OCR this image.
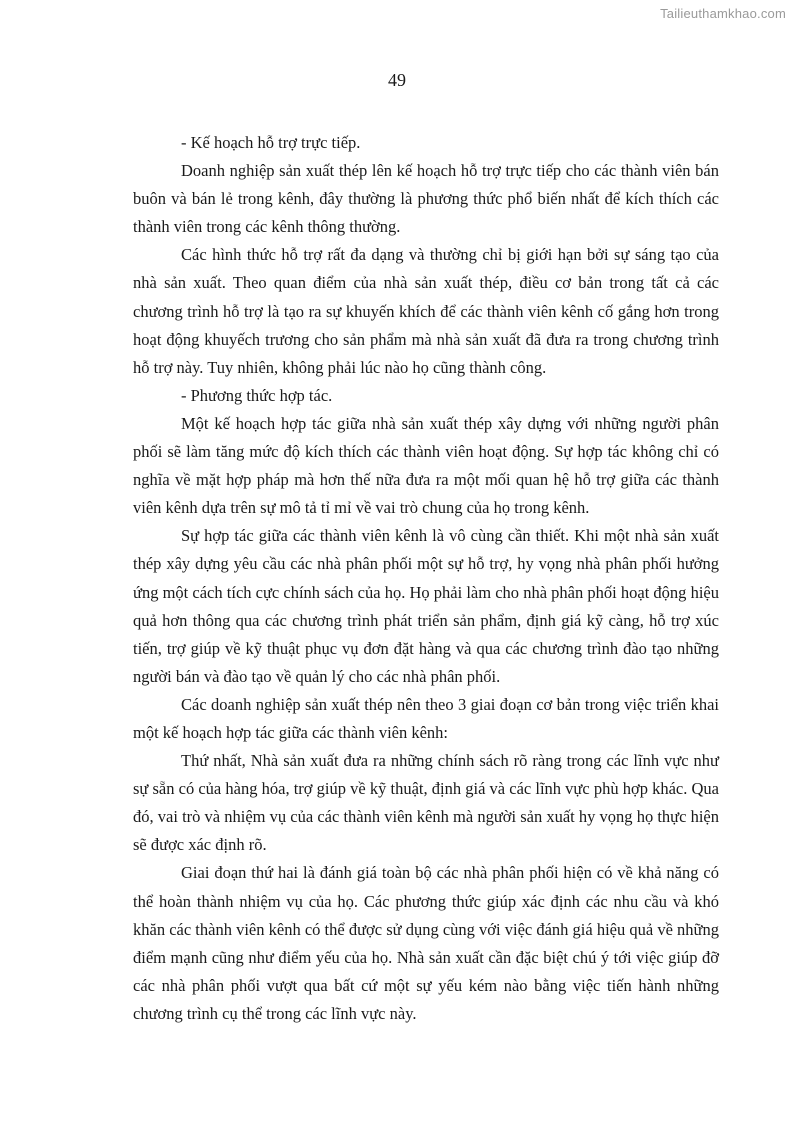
Tailieuthamkhao.com
49

- Kế hoạch hỗ trợ trực tiếp.

Doanh nghiệp sản xuất thép lên kế hoạch hỗ trợ trực tiếp cho các thành viên bán buôn và bán lẻ trong kênh, đây thường là phương thức phổ biến nhất để kích thích các thành viên trong các kênh thông thường.

Các hình thức hỗ trợ rất đa dạng và thường chỉ bị giới hạn bởi sự sáng tạo của nhà sản xuất. Theo quan điểm của nhà sản xuất thép, điều cơ bản trong tất cả các chương trình hỗ trợ là tạo ra sự khuyến khích để các thành viên kênh cố gắng hơn trong hoạt động khuyếch trương cho sản phẩm mà nhà sản xuất đã đưa ra trong chương trình hỗ trợ này. Tuy nhiên, không phải lúc nào họ cũng thành công.

- Phương thức hợp tác.

Một kế hoạch hợp tác giữa nhà sản xuất thép xây dựng với những người phân phối sẽ làm tăng mức độ kích thích các thành viên hoạt động. Sự hợp tác không chỉ có nghĩa về mặt hợp pháp mà hơn thế nữa đưa ra một mối quan hệ hỗ trợ giữa các thành viên kênh dựa trên sự mô tả tỉ mỉ về vai trò chung của họ trong kênh.

Sự hợp tác giữa các thành viên kênh là vô cùng cần thiết. Khi một nhà sản xuất thép xây dựng yêu cầu các nhà phân phối một sự hỗ trợ, hy vọng nhà phân phối hưởng ứng một cách tích cực chính sách của họ. Họ phải làm cho nhà phân phối hoạt động hiệu quả hơn thông qua các chương trình phát triển sản phẩm, định giá kỹ càng, hỗ trợ xúc tiến, trợ giúp về kỹ thuật phục vụ đơn đặt hàng và qua các chương trình đào tạo những người bán và đào tạo về quản lý cho các nhà phân phối.

Các doanh nghiệp sản xuất thép nên theo 3 giai đoạn cơ bản trong việc triển khai một kế hoạch hợp tác giữa các thành viên kênh:

Thứ nhất, Nhà sản xuất đưa ra những chính sách rõ ràng trong các lĩnh vực như sự sẵn có của hàng hóa, trợ giúp về kỹ thuật, định giá và các lĩnh vực phù hợp khác. Qua đó, vai trò và nhiệm vụ của các thành viên kênh mà người sản xuất hy vọng họ thực hiện sẽ được xác định rõ.

Giai đoạn thứ hai là đánh giá toàn bộ các nhà phân phối hiện có về khả năng có thể hoàn thành nhiệm vụ của họ. Các phương thức giúp xác định các nhu cầu và khó khăn các thành viên kênh có thể được sử dụng cùng với việc đánh giá hiệu quả về những điểm mạnh cũng như điểm yếu của họ. Nhà sản xuất cần đặc biệt chú ý tới việc giúp đỡ các nhà phân phối vượt qua bất cứ một sự yếu kém nào bằng việc tiến hành những chương trình cụ thể trong các lĩnh vực này.
